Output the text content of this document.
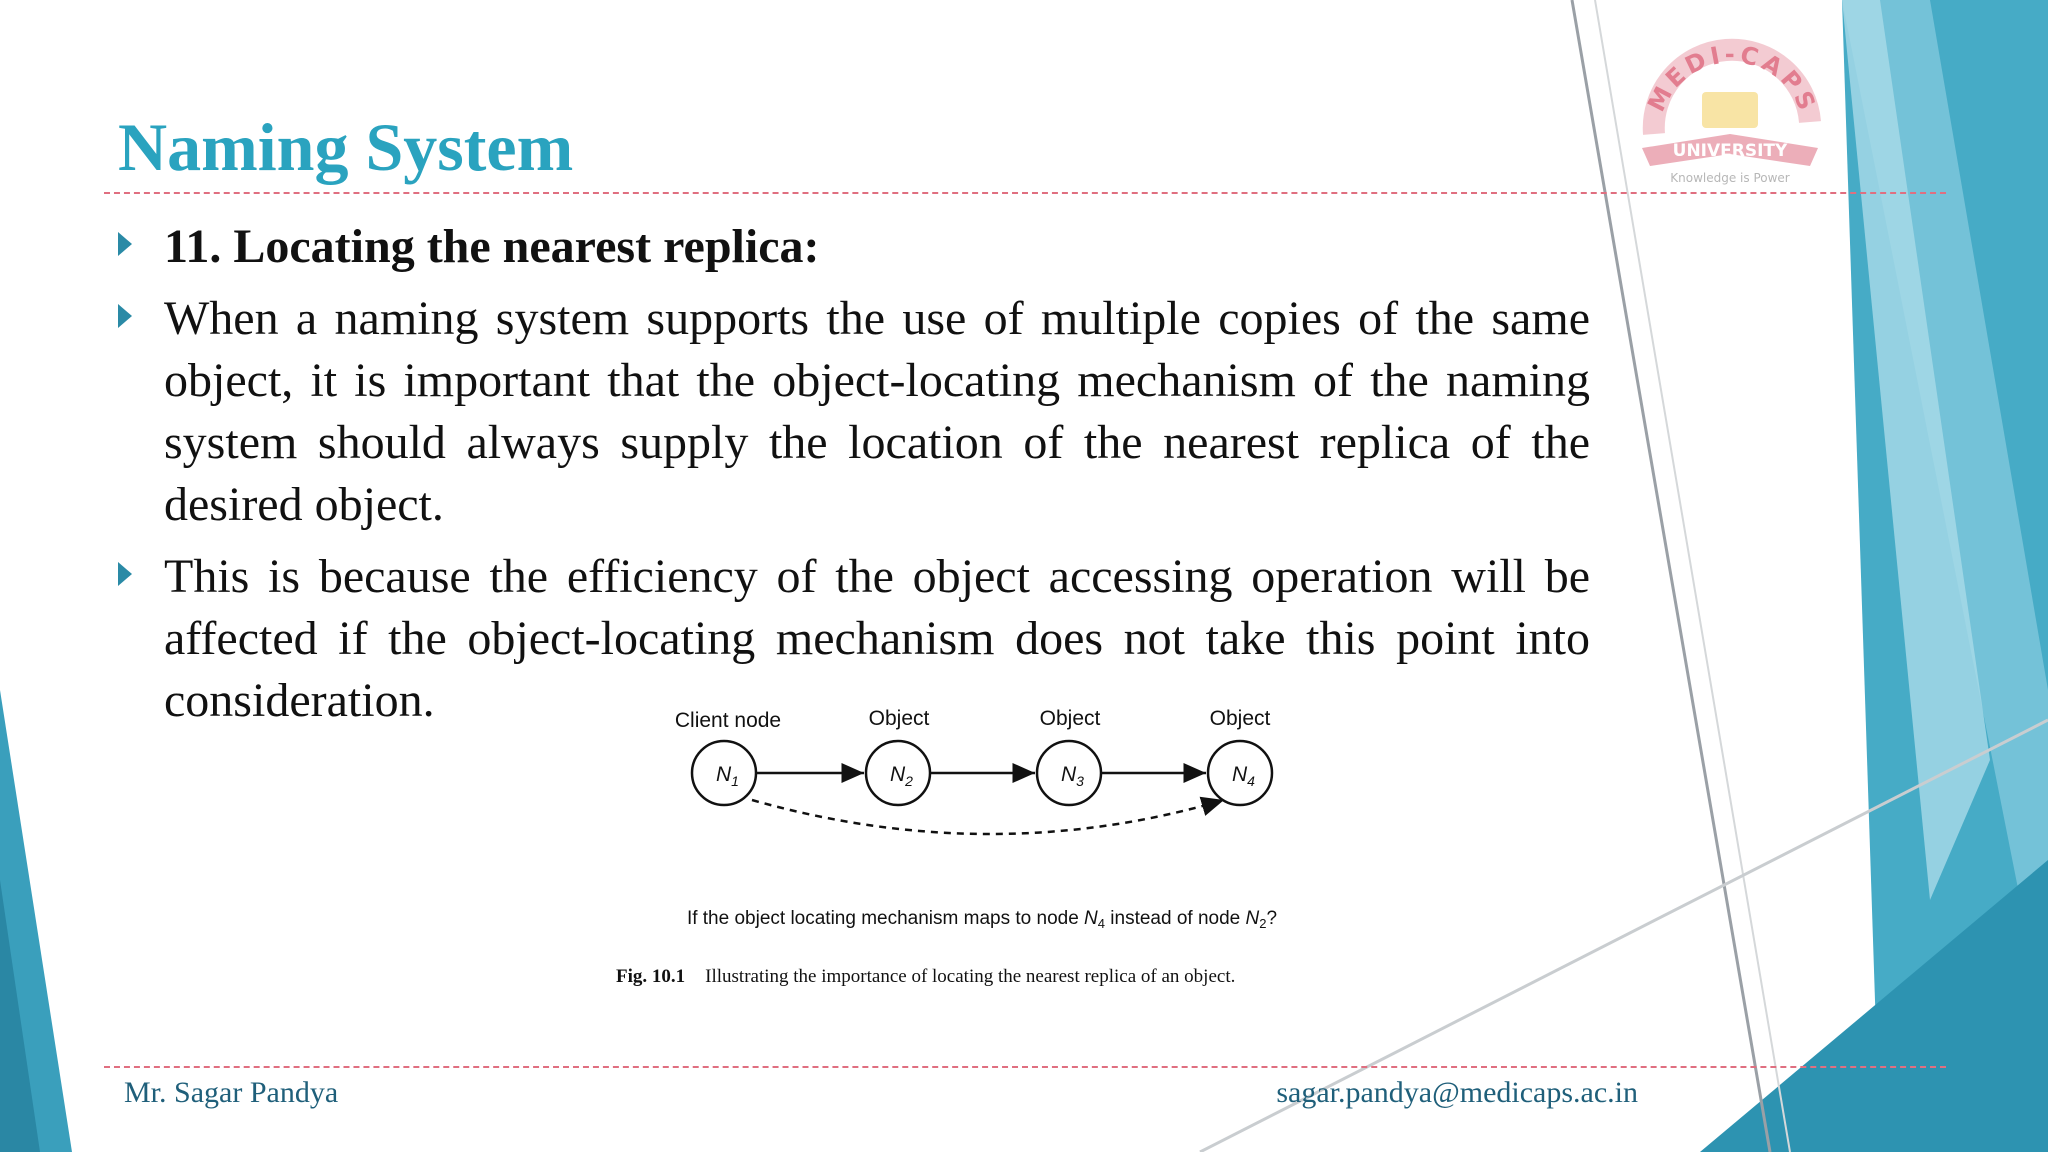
MEDI-CAPS
UNIVERSITY
Knowledge is Power
Naming System
11. Locating the nearest replica:
When a naming system supports the use of multiple copies of the same object, it is important that the object-locating mechanism of the naming system should always supply the location of the nearest replica of the desired object.
This is because the efficiency of the object accessing operation will be affected if the object-locating mechanism does not take this point into consideration.	Client node	Object	Object	Object
$N_1$	$N_2$	$N_3$	$N_4$
If the object locating mechanism maps to node $N_4$ instead of node $N_2$?
Fig. 10.1 Illustrating the importance of locating the nearest replica of an object.
Mr. Sagar Pandya	sagar.pandya@medicaps.ac.in
